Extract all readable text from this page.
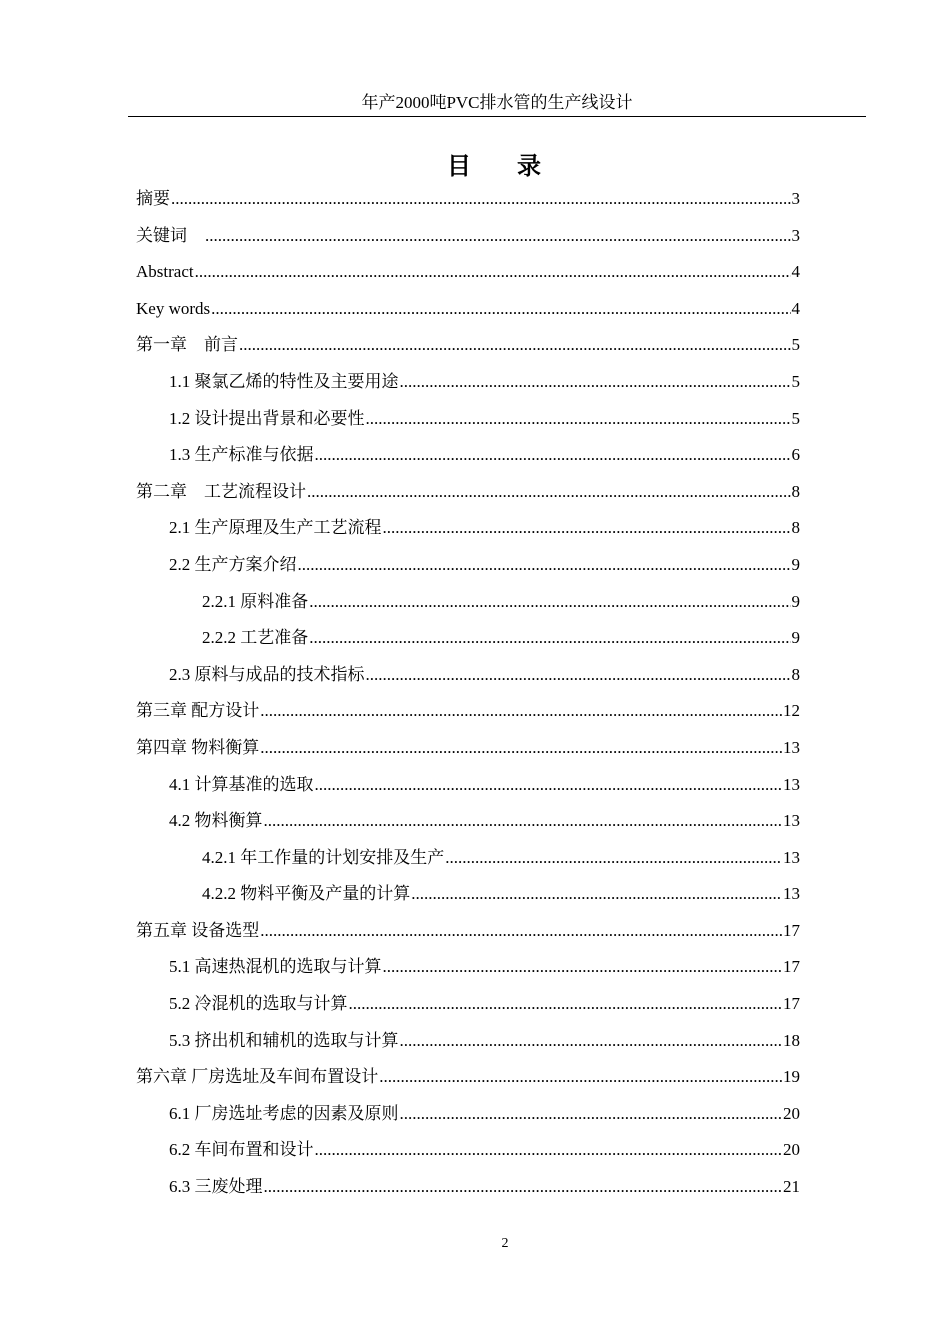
年产2000吨PVC排水管的生产线设计
目 录
摘要 .....	3
关键词　 .....	3
Abstract .....	4
Key words .....	4
第一章　前言 .....	5
1.1 聚氯乙烯的特性及主要用途 .....	5
1.2 设计提出背景和必要性 .....	5
1.3 生产标准与依据 .....	6
第二章　工艺流程设计 .....	8
2.1 生产原理及生产工艺流程 .....	8
2.2 生产方案介绍 .....	9
2.2.1 原料准备 .....	9
2.2.2 工艺准备 .....	9
2.3 原料与成品的技术指标 .....	8
第三章 配方设计 .....	12
第四章 物料衡算 .....	13
4.1 计算基准的选取 .....	13
4.2 物料衡算 .....	13
4.2.1 年工作量的计划安排及生产 .....	13
4.2.2 物料平衡及产量的计算 .....	13
第五章 设备选型 .....	17
5.1 高速热混机的选取与计算 .....	17
5.2 冷混机的选取与计算 .....	17
5.3 挤出机和辅机的选取与计算 .....	18
第六章 厂房选址及车间布置设计 .....	19
6.1 厂房选址考虑的因素及原则 .....	20
6.2 车间布置和设计 .....	20
6.3 三废处理 .....	21
2
